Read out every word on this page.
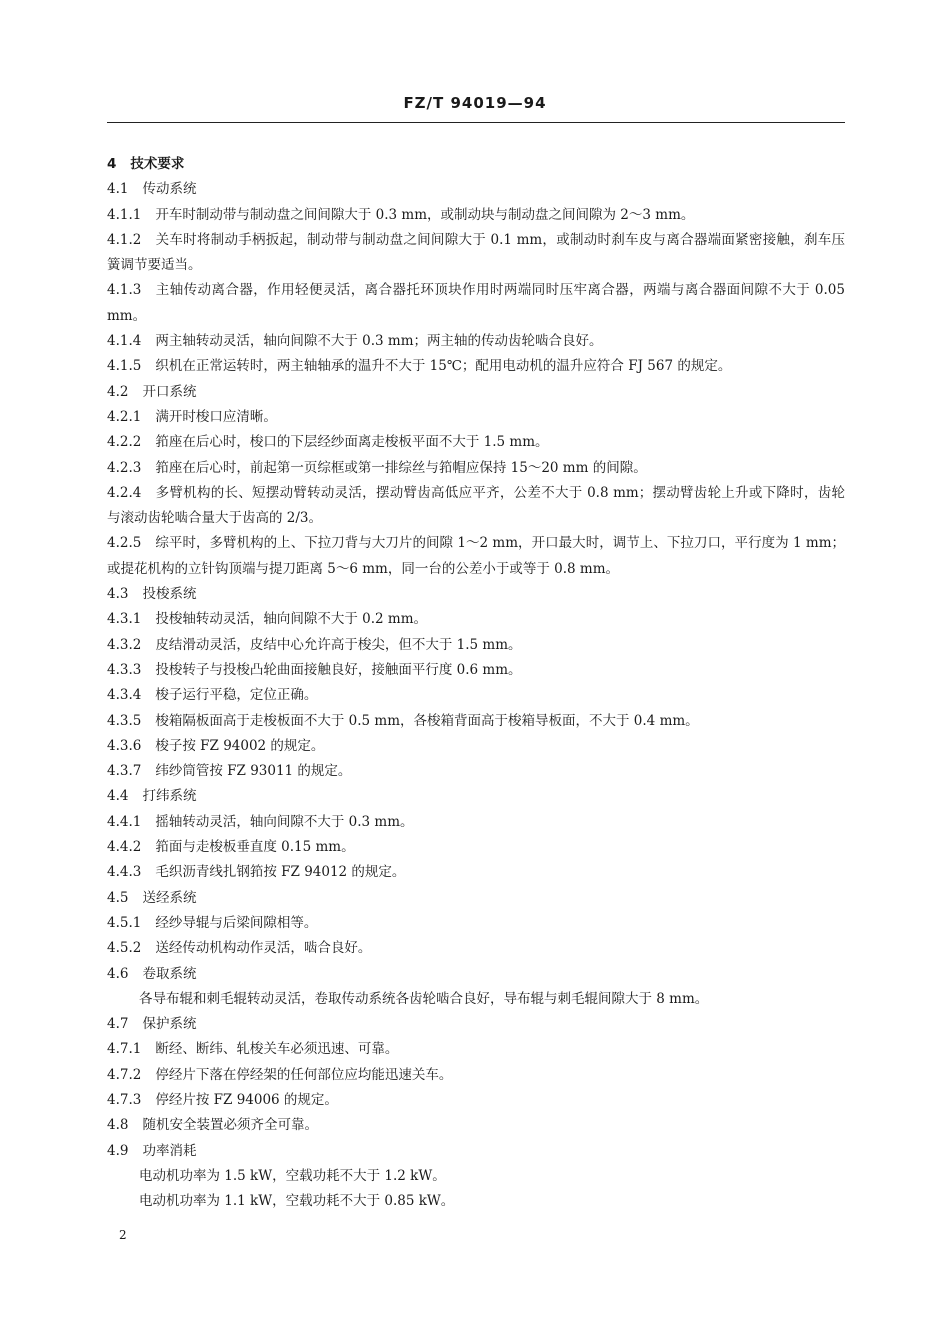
FZ/T 94019—94
4 技术要求
4.1 传动系统
4.1.1 开车时制动带与制动盘之间间隙大于 0.3 mm，或制动块与制动盘之间间隙为 2～3 mm。
4.1.2 关车时将制动手柄扳起，制动带与制动盘之间间隙大于 0.1 mm，或制动时刹车皮与离合器端面紧密接触，刹车压簧调节要适当。
4.1.3 主轴传动离合器，作用轻便灵活，离合器托环顶块作用时两端同时压牢离合器，两端与离合器面间隙不大于 0.05 mm。
4.1.4 两主轴转动灵活，轴向间隙不大于 0.3 mm；两主轴的传动齿轮啮合良好。
4.1.5 织机在正常运转时，两主轴轴承的温升不大于 15℃；配用电动机的温升应符合 FJ 567 的规定。
4.2 开口系统
4.2.1 满开时梭口应清晰。
4.2.2 筘座在后心时，梭口的下层经纱面离走梭板平面不大于 1.5 mm。
4.2.3 筘座在后心时，前起第一页综框或第一排综丝与筘帽应保持 15～20 mm 的间隙。
4.2.4 多臂机构的长、短摆动臂转动灵活，摆动臂齿高低应平齐，公差不大于 0.8 mm；摆动臂齿轮上升或下降时，齿轮与滚动齿轮啮合量大于齿高的 2/3。
4.2.5 综平时，多臂机构的上、下拉刀背与大刀片的间隙 1～2 mm，开口最大时，调节上、下拉刀口，平行度为 1 mm；或提花机构的立针钩顶端与提刀距离 5～6 mm，同一台的公差小于或等于 0.8 mm。
4.3 投梭系统
4.3.1 投梭轴转动灵活，轴向间隙不大于 0.2 mm。
4.3.2 皮结滑动灵活，皮结中心允许高于梭尖，但不大于 1.5 mm。
4.3.3 投梭转子与投梭凸轮曲面接触良好，接触面平行度 0.6 mm。
4.3.4 梭子运行平稳，定位正确。
4.3.5 梭箱隔板面高于走梭板面不大于 0.5 mm，各梭箱背面高于梭箱导板面，不大于 0.4 mm。
4.3.6 梭子按 FZ 94002 的规定。
4.3.7 纬纱筒管按 FZ 93011 的规定。
4.4 打纬系统
4.4.1 摇轴转动灵活，轴向间隙不大于 0.3 mm。
4.4.2 筘面与走梭板垂直度 0.15 mm。
4.4.3 毛织沥青线扎钢筘按 FZ 94012 的规定。
4.5 送经系统
4.5.1 经纱导辊与后梁间隙相等。
4.5.2 送经传动机构动作灵活，啮合良好。
4.6 卷取系统
各导布辊和刺毛辊转动灵活，卷取传动系统各齿轮啮合良好，导布辊与刺毛辊间隙大于 8 mm。
4.7 保护系统
4.7.1 断经、断纬、轧梭关车必须迅速、可靠。
4.7.2 停经片下落在停经架的任何部位应均能迅速关车。
4.7.3 停经片按 FZ 94006 的规定。
4.8 随机安全装置必须齐全可靠。
4.9 功率消耗
电动机功率为 1.5 kW，空载功耗不大于 1.2 kW。
电动机功率为 1.1 kW，空载功耗不大于 0.85 kW。
2
